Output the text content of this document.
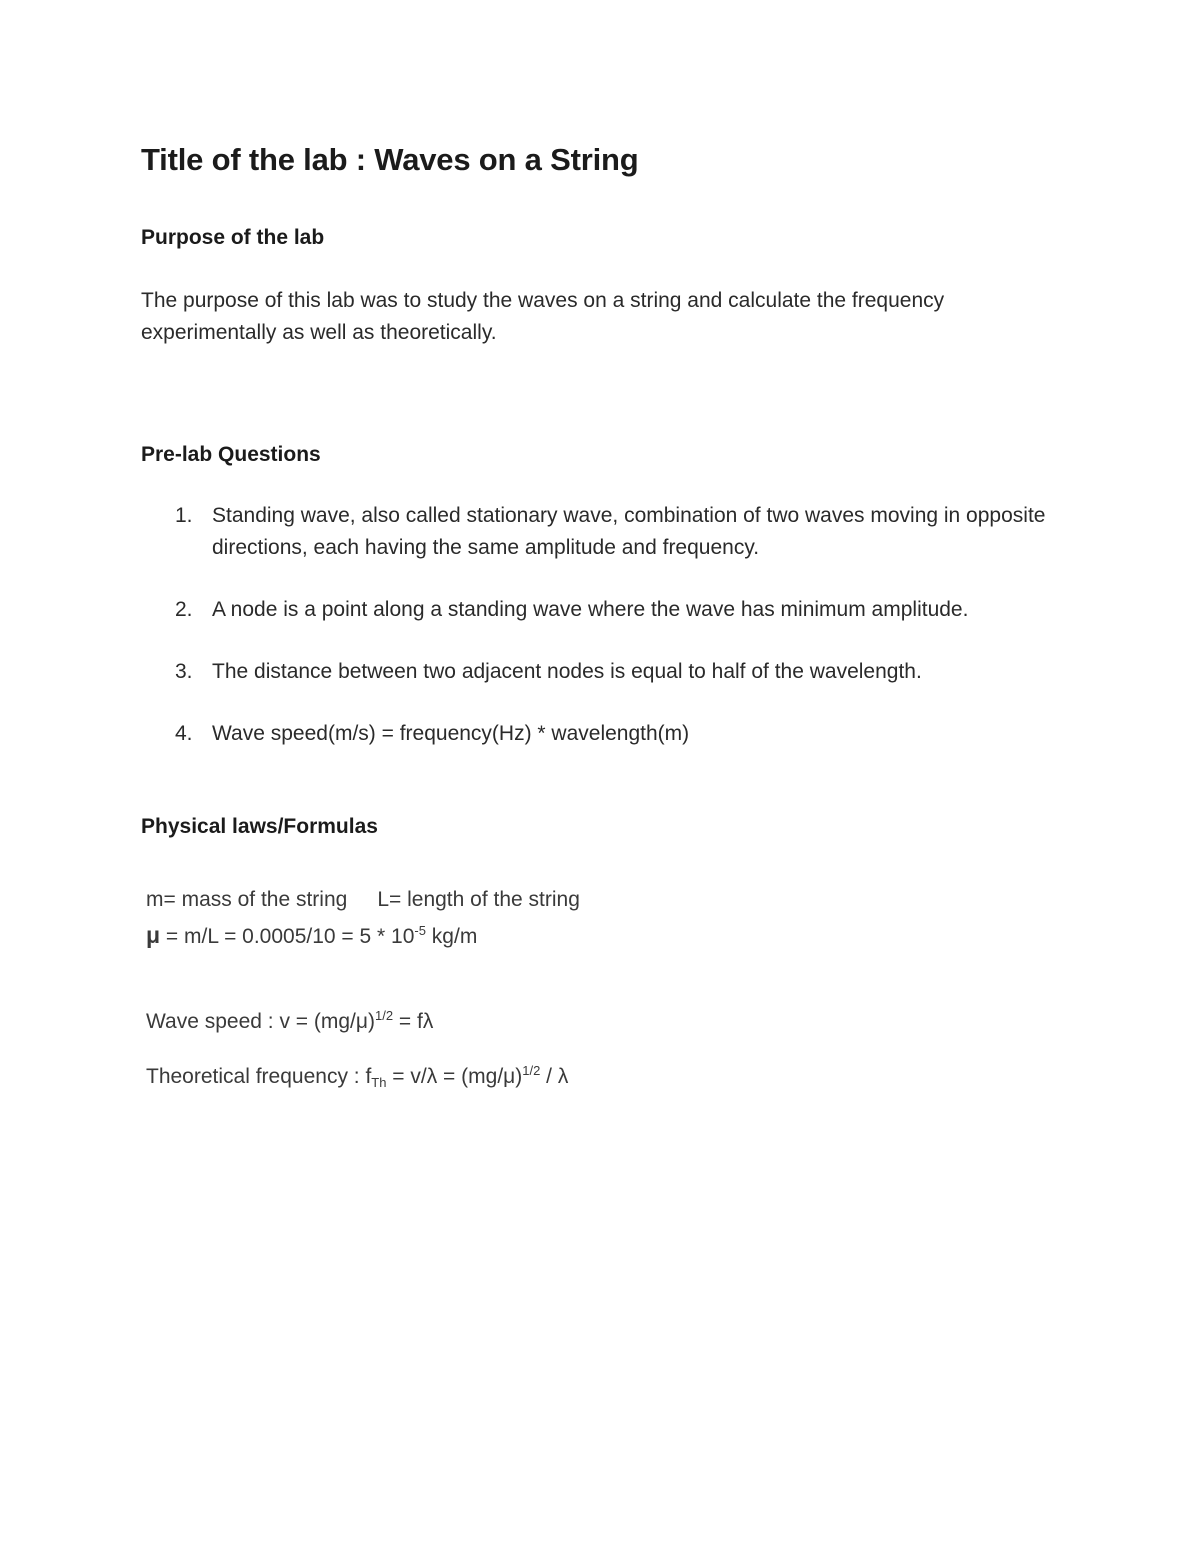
Title of the lab : Waves on a String
Purpose of the lab

The purpose of this lab was to study the waves on a string and calculate the frequency
experimentally as well as theoretically.

Pre-lab Questions
1. Standing wave, also called stationary wave, combination of two waves moving in opposite directions, each having the same amplitude and frequency.
2. A node is a point along a standing wave where the wave has minimum amplitude.
3. The distance between two adjacent nodes is equal to half of the wavelength.
4. Wave speed(m/s) = frequency(Hz) * wavelength(m)
Physical laws/Formulas

m= mass of the string L= length of the string

$\mu = m/L = 0.0005/10 = 5 * 10^{-5}$ kg/m

Wave speed : $v = (mg/\mu)^{1/2} = f\lambda$

Theoretical frequency : $f_{Th} = v/\lambda = (mg/\mu)^{1/2} / \lambda$
